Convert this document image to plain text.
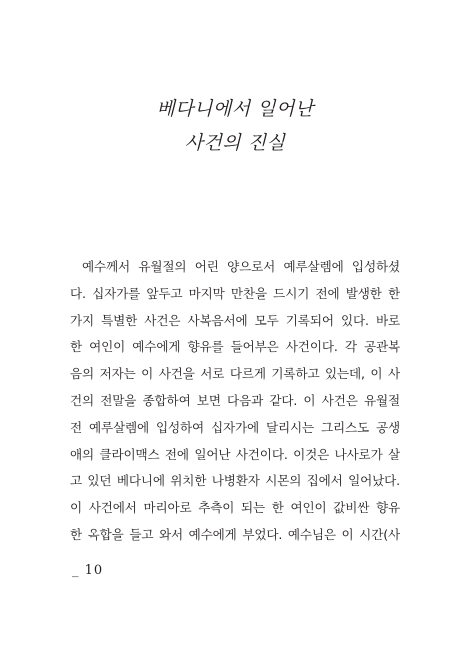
베다니에서 일어난
사건의 진실
예수께서 유월절의 어린 양으로서 예루살렘에 입성하셨
다. 십자가를 앞두고 마지막 만찬을 드시기 전에 발생한 한
가지 특별한 사건은 사복음서에 모두 기록되어 있다. 바로
한 여인이 예수에게 향유를 들어부은 사건이다. 각 공관복
음의 저자는 이 사건을 서로 다르게 기록하고 있는데, 이 사
건의 전말을 종합하여 보면 다음과 같다. 이 사건은 유월절
전 예루살렘에 입성하여 십자가에 달리시는 그리스도 공생
애의 클라이맥스 전에 일어난 사건이다. 이것은 나사로가 살
고 있던 베다니에 위치한 나병환자 시몬의 집에서 일어났다.
이 사건에서 마리아로 추측이 되는 한 여인이 값비싼 향유
한 옥합을 들고 와서 예수에게 부었다. 예수님은 이 시간(사
_ 10
